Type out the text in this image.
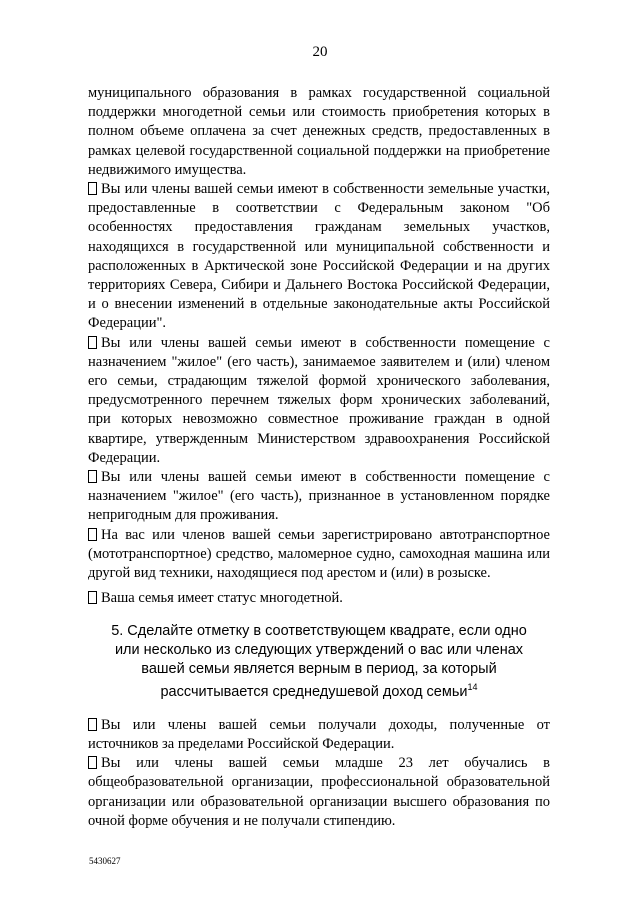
20

муниципального образования в рамках государственной социальной поддержки многодетной семьи или стоимость приобретения которых в полном объеме оплачена за счет денежных средств, предоставленных в рамках целевой государственной социальной поддержки на приобретение недвижимого имущества.

Вы или члены вашей семьи имеют в собственности земельные участки, предоставленные в соответствии с Федеральным законом "Об особенностях предоставления гражданам земельных участков, находящихся в государственной или муниципальной собственности и расположенных в Арктической зоне Российской Федерации и на других территориях Севера, Сибири и Дальнего Востока Российской Федерации, и о внесении изменений в отдельные законодательные акты Российской Федерации".

Вы или члены вашей семьи имеют в собственности помещение с назначением "жилое" (его часть), занимаемое заявителем и (или) членом его семьи, страдающим тяжелой формой хронического заболевания, предусмотренного перечнем тяжелых форм хронических заболеваний, при которых невозможно совместное проживание граждан в одной квартире, утвержденным Министерством здравоохранения Российской Федерации.

Вы или члены вашей семьи имеют в собственности помещение с назначением "жилое" (его часть), признанное в установленном порядке непригодным для проживания.

На вас или членов вашей семьи зарегистрировано автотранспортное (мототранспортное) средство, маломерное судно, самоходная машина или другой вид техники, находящиеся под арестом и (или) в розыске.

Ваша семья имеет статус многодетной.

5. Сделайте отметку в соответствующем квадрате, если одно или несколько из следующих утверждений о вас или членах вашей семьи является верным в период, за который рассчитывается среднедушевой доход семьи$^{14}$

Вы или члены вашей семьи получали доходы, полученные от источников за пределами Российской Федерации.

Вы или члены вашей семьи младше 23 лет обучались в общеобразовательной организации, профессиональной образовательной организации или образовательной организации высшего образования по очной форме обучения и не получали стипендию.

5430627
